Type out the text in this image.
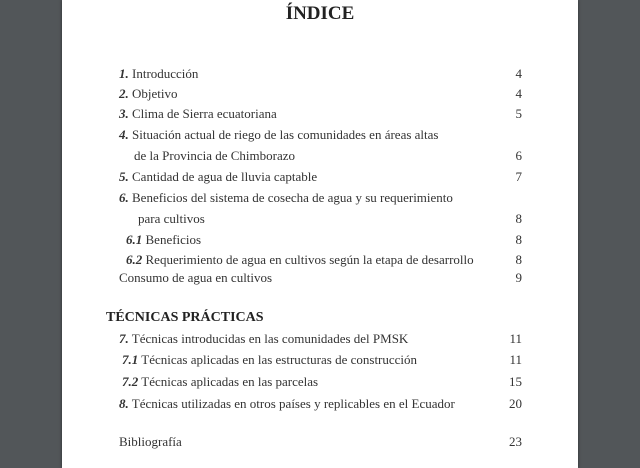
ÍNDICE
1. Introducción	4
2. Objetivo	4
3. Clima de Sierra ecuatoriana	5
4. Situación actual de riego de las comunidades en áreas altas
de la Provincia de Chimborazo	6
5. Cantidad de agua de lluvia captable	7
6. Beneficios del sistema de cosecha de agua y su requerimiento
para cultivos	8
6.1 Beneficios	8
6.2 Requerimiento de agua en cultivos según la etapa de desarrollo	8
Consumo de agua en cultivos	9
TÉCNICAS PRÁCTICAS
7. Técnicas introducidas en las comunidades del PMSK	11
7.1 Técnicas aplicadas en las estructuras de construcción	11
7.2 Técnicas aplicadas en las parcelas	15
8. Técnicas utilizadas en otros países y replicables en el Ecuador	20
Bibliografía	23
